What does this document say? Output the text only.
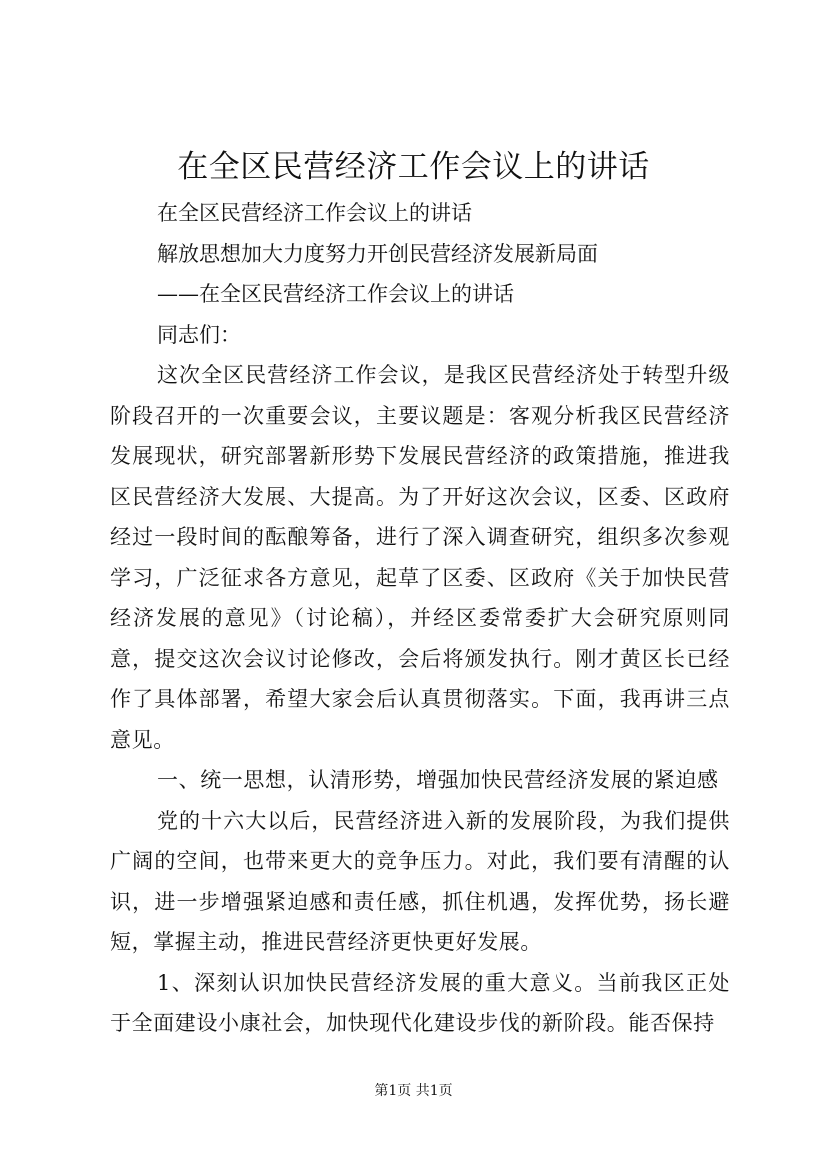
在全区民营经济工作会议上的讲话

在全区民营经济工作会议上的讲话

解放思想加大力度努力开创民营经济发展新局面

——在全区民营经济工作会议上的讲话

同志们：

这次全区民营经济工作会议，是我区民营经济处于转型升级阶段召开的一次重要会议，主要议题是：客观分析我区民营经济发展现状，研究部署新形势下发展民营经济的政策措施，推进我区民营经济大发展、大提高。为了开好这次会议，区委、区政府经过一段时间的酝酿筹备，进行了深入调查研究，组织多次参观学习，广泛征求各方意见，起草了区委、区政府《关于加快民营经济发展的意见》（讨论稿），并经区委常委扩大会研究原则同意，提交这次会议讨论修改，会后将颁发执行。刚才黄区长已经作了具体部署，希望大家会后认真贯彻落实。下面，我再讲三点意见。

一、统一思想，认清形势，增强加快民营经济发展的紧迫感

党的十六大以后，民营经济进入新的发展阶段，为我们提供广阔的空间，也带来更大的竞争压力。对此，我们要有清醒的认识，进一步增强紧迫感和责任感，抓住机遇，发挥优势，扬长避短，掌握主动，推进民营经济更快更好发展。

1、深刻认识加快民营经济发展的重大意义。当前我区正处于全面建设小康社会，加快现代化建设步伐的新阶段。能否保持

第1页 共1页
